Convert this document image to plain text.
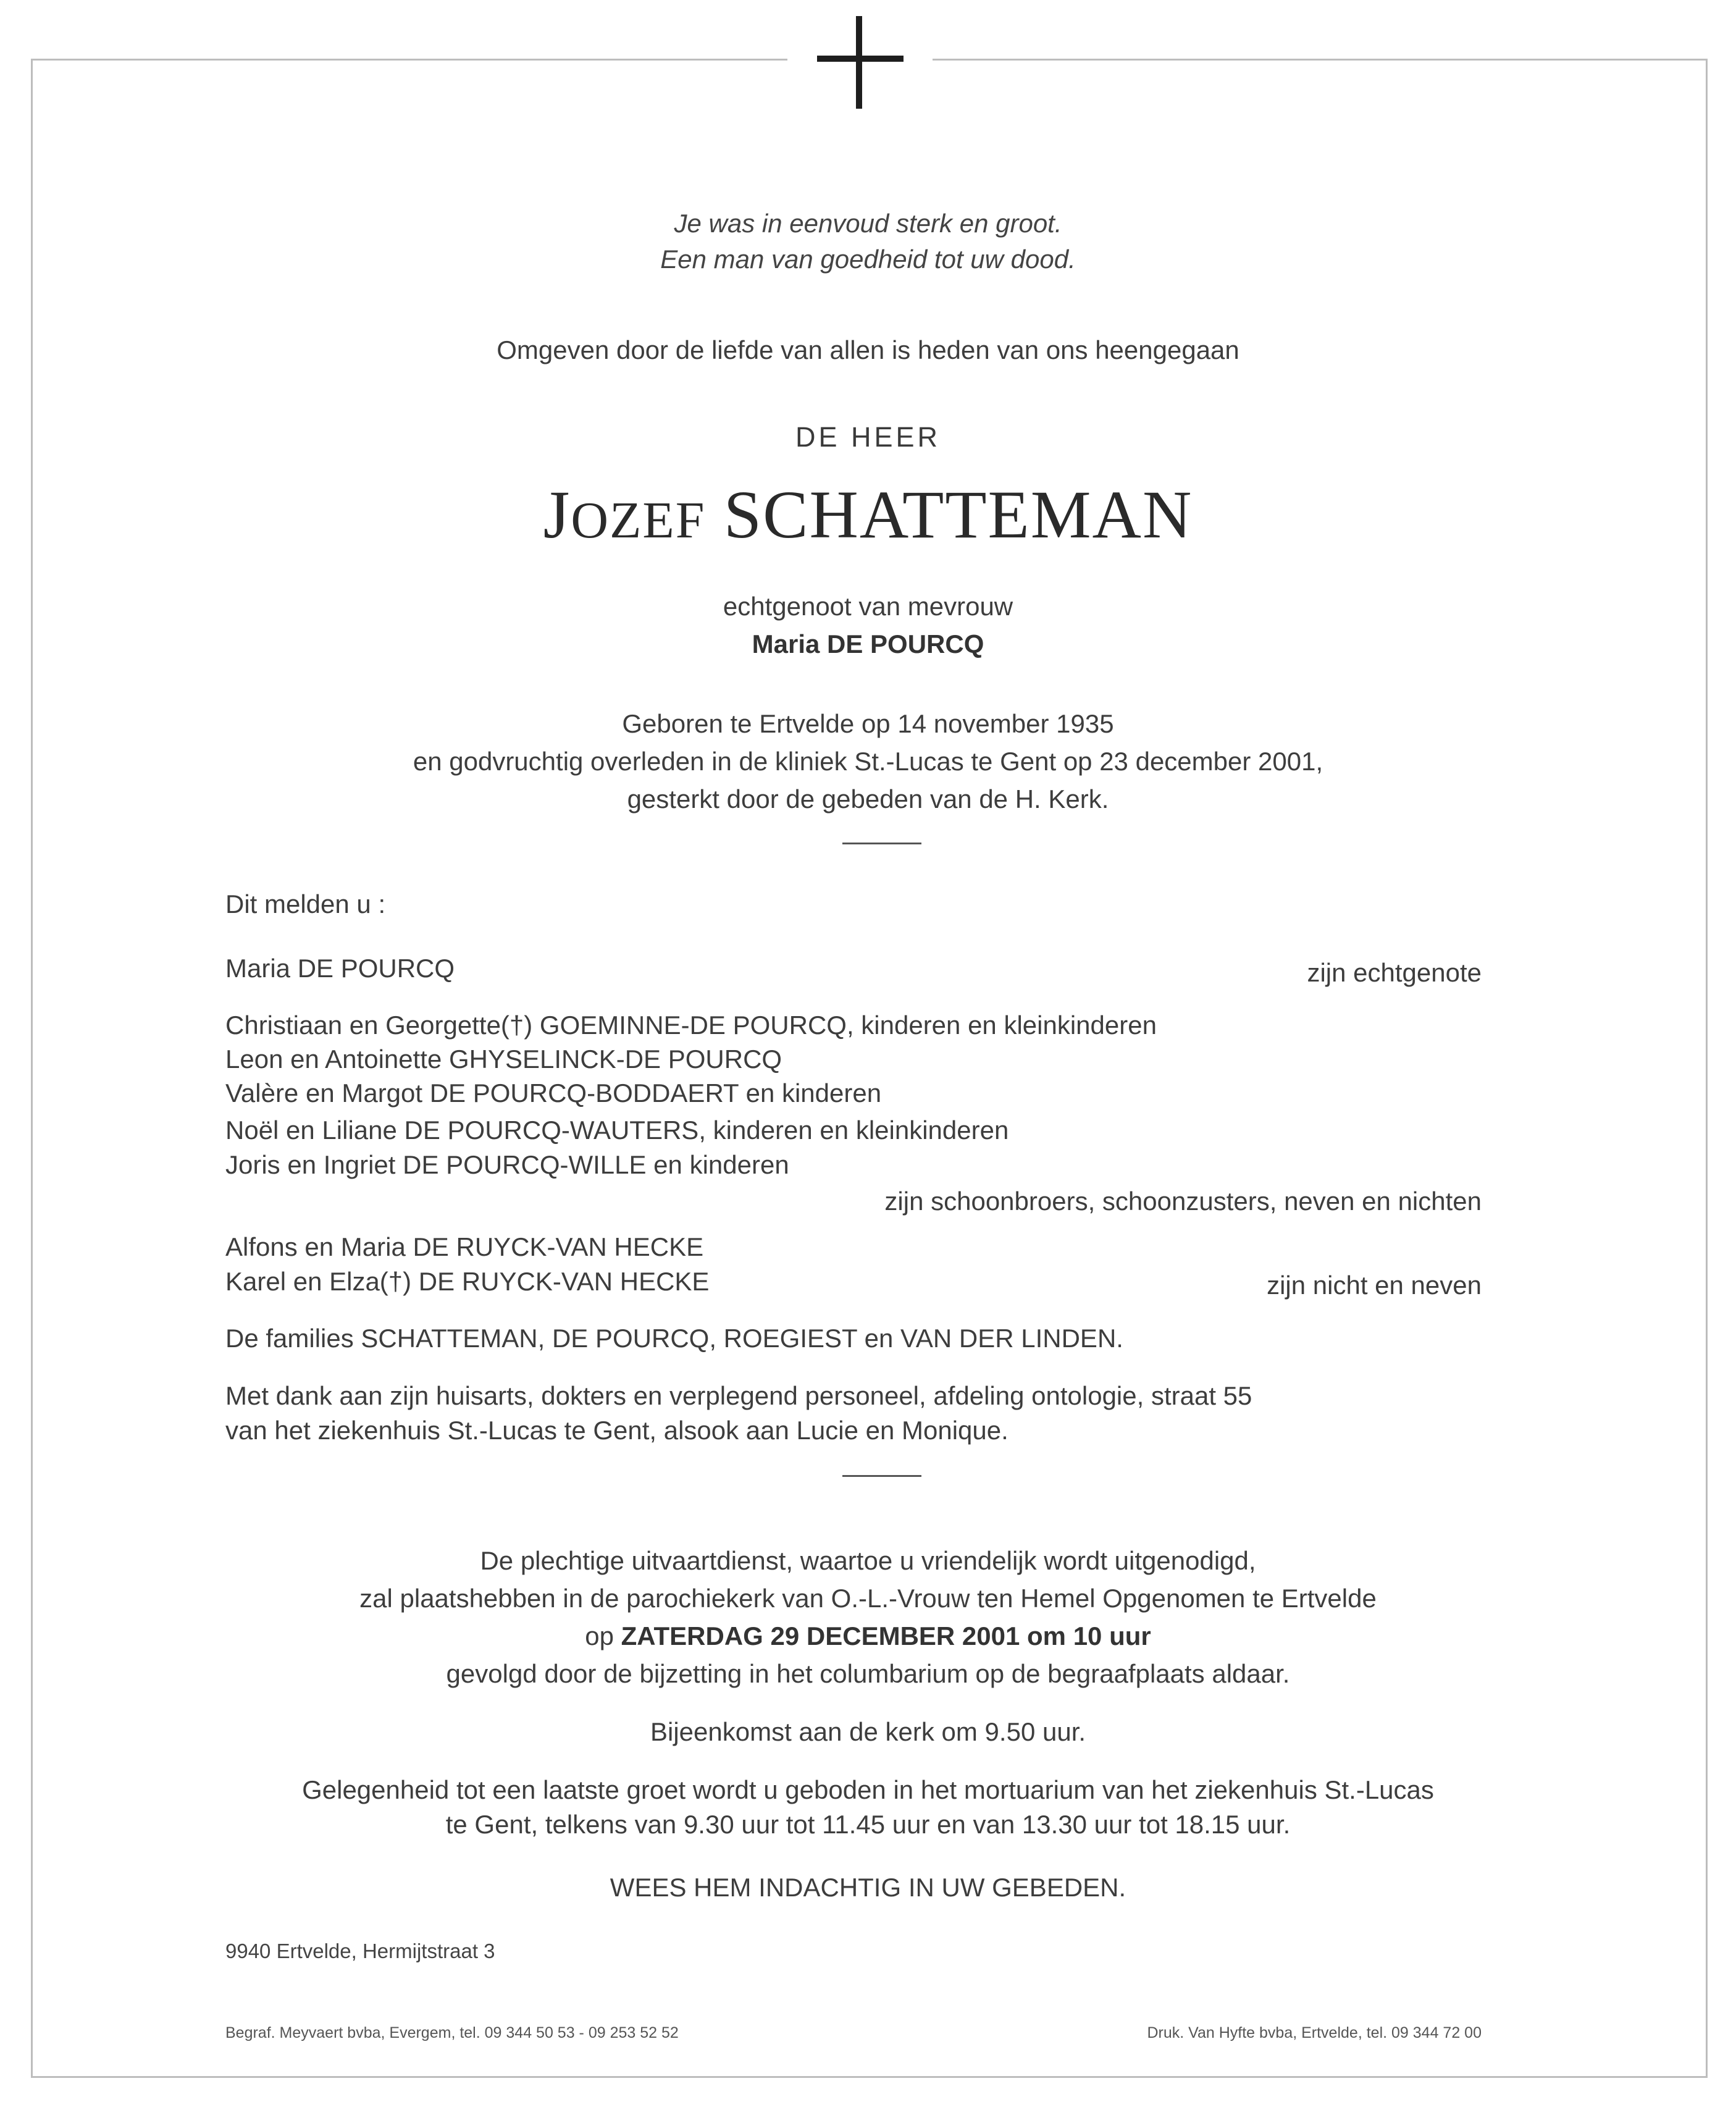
Je was in eenvoud sterk en groot.
Een man van goedheid tot uw dood.
Omgeven door de liefde van allen is heden van ons heengegaan
DE HEER
JOZEF SCHATTEMAN
echtgenoot van mevrouw
Maria DE POURCQ
Geboren te Ertvelde op 14 november 1935
en godvruchtig overleden in de kliniek St.-Lucas te Gent op 23 december 2001,
gesterkt door de gebeden van de H. Kerk.
Dit melden u :
Maria DE POURCQ	zijn echtgenote
Christiaan en Georgette(†) GOEMINNE-DE POURCQ, kinderen en kleinkinderen
Leon en Antoinette GHYSELINCK-DE POURCQ
Valère en Margot DE POURCQ-BODDAERT en kinderen
Noël en Liliane DE POURCQ-WAUTERS, kinderen en kleinkinderen
Joris en Ingriet DE POURCQ-WILLE en kinderen
zijn schoonbroers, schoonzusters, neven en nichten
Alfons en Maria DE RUYCK-VAN HECKE
Karel en Elza(†) DE RUYCK-VAN HECKE	zijn nicht en neven
De families SCHATTEMAN, DE POURCQ, ROEGIEST en VAN DER LINDEN.
Met dank aan zijn huisarts, dokters en verplegend personeel, afdeling ontologie, straat 55
van het ziekenhuis St.-Lucas te Gent, alsook aan Lucie en Monique.
De plechtige uitvaartdienst, waartoe u vriendelijk wordt uitgenodigd,
zal plaatshebben in de parochiekerk van O.-L.-Vrouw ten Hemel Opgenomen te Ertvelde
op ZATERDAG 29 DECEMBER 2001 om 10 uur
gevolgd door de bijzetting in het columbarium op de begraafplaats aldaar.
Bijeenkomst aan de kerk om 9.50 uur.
Gelegenheid tot een laatste groet wordt u geboden in het mortuarium van het ziekenhuis St.-Lucas
te Gent, telkens van 9.30 uur tot 11.45 uur en van 13.30 uur tot 18.15 uur.
WEES HEM INDACHTIG IN UW GEBEDEN.
9940 Ertvelde, Hermijtstraat 3
Begraf. Meyvaert bvba, Evergem, tel. 09 344 50 53 - 09 253 52 52	Druk. Van Hyfte bvba, Ertvelde, tel. 09 344 72 00
